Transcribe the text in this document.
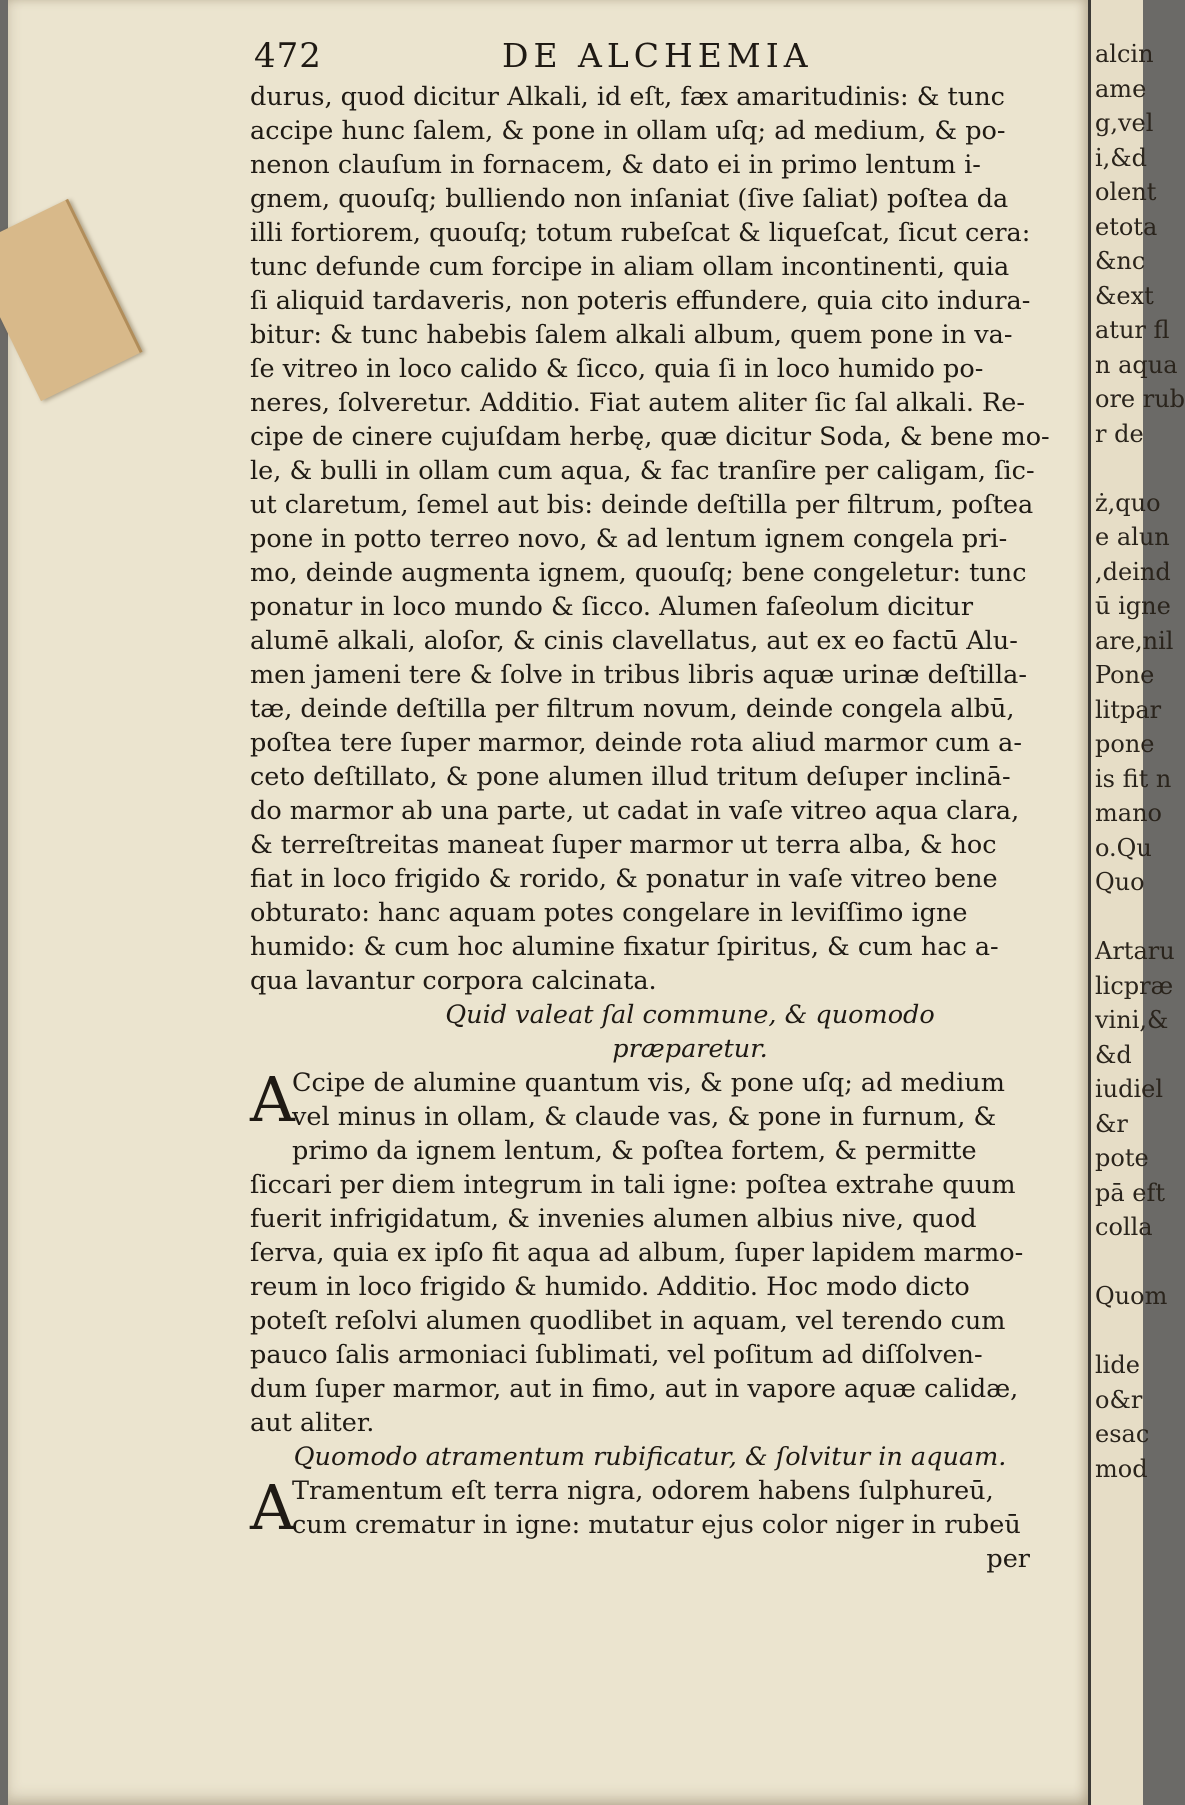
472	DE ALCHEMIA
durus, quod dicitur Alkali, id eſt, fæx amaritudinis: & tunc
accipe hunc ſalem, & pone in ollam uſq; ad medium, & po-
nenon clauſum in fornacem, & dato ei in primo lentum i-
gnem, quouſq; bulliendo non inſaniat (ſive ſaliat) poſtea da
illi fortiorem, quouſq; totum rubeſcat & liqueſcat, ſicut cera:
tunc defunde cum forcipe in aliam ollam incontinenti, quia
ſi aliquid tardaveris, non poteris effundere, quia cito indura-
bitur: & tunc habebis ſalem alkali album, quem pone in va-
ſe vitreo in loco calido & ſicco, quia ſi in loco humido po-
neres, ſolveretur. Additio. Fiat autem aliter ſic ſal alkali. Re-
cipe de cinere cujuſdam herbę, quæ dicitur Soda, & bene mo-
le, & bulli in ollam cum aqua, & fac tranſire per caligam, ſic-
ut claretum, ſemel aut bis: deinde deſtilla per filtrum, poſtea
pone in potto terreo novo, & ad lentum ignem congela pri-
mo, deinde augmenta ignem, quouſq; bene congeletur: tunc
ponatur in loco mundo & ſicco. Alumen faſeolum dicitur
alumē alkali, aloſor, & cinis clavellatus, aut ex eo factū Alu-
men jameni tere & ſolve in tribus libris aquæ urinæ deſtilla-
tæ, deinde deſtilla per filtrum novum, deinde congela albū,
poſtea tere ſuper marmor, deinde rota aliud marmor cum a-
ceto deſtillato, & pone alumen illud tritum deſuper inclinā-
do marmor ab una parte, ut cadat in vaſe vitreo aqua clara,
& terreſtreitas maneat ſuper marmor ut terra alba, & hoc
fiat in loco frigido & rorido, & ponatur in vaſe vitreo bene
obturato: hanc aquam potes congelare in leviſſimo igne
humido: & cum hoc alumine fixatur ſpiritus, & cum hac a-
qua lavantur corpora calcinata.
Quid valeat ſal commune, & quomodo
præparetur.
A
Ccipe de alumine quantum vis, & pone uſq; ad medium
vel minus in ollam, & claude vas, & pone in furnum, &
primo da ignem lentum, & poſtea fortem, & permitte
ſiccari per diem integrum in tali igne: poſtea extrahe quum
fuerit infrigidatum, & invenies alumen albius nive, quod
ſerva, quia ex ipſo fit aqua ad album, ſuper lapidem marmo-
reum in loco frigido & humido. Additio. Hoc modo dicto
poteſt reſolvi alumen quodlibet in aquam, vel terendo cum
pauco ſalis armoniaci ſublimati, vel poſitum ad diſſolven-
dum ſuper marmor, aut in fimo, aut in vapore aquæ calidæ,
aut aliter.
Quomodo atramentum rubificatur, & ſolvitur in aquam.
A
Tramentum eſt terra nigra, odorem habens ſulphureū,
cum crematur in igne: mutatur ejus color niger in rubeū
per
alcin
ame
g,vel
i,&d
olent
etota
&nc
&ext
atur fl
n aqua
ore rub
r de
ż,quo
e alun
,deind
ū igne
are,nil
Pone
litpar
pone
is fit n
mano
o.Qu
Quo
Artaru
licpræ
vini,&
&d
iudiel
&r
pote
pā eft
colla
Quom
lide
o&r
esac
mod
